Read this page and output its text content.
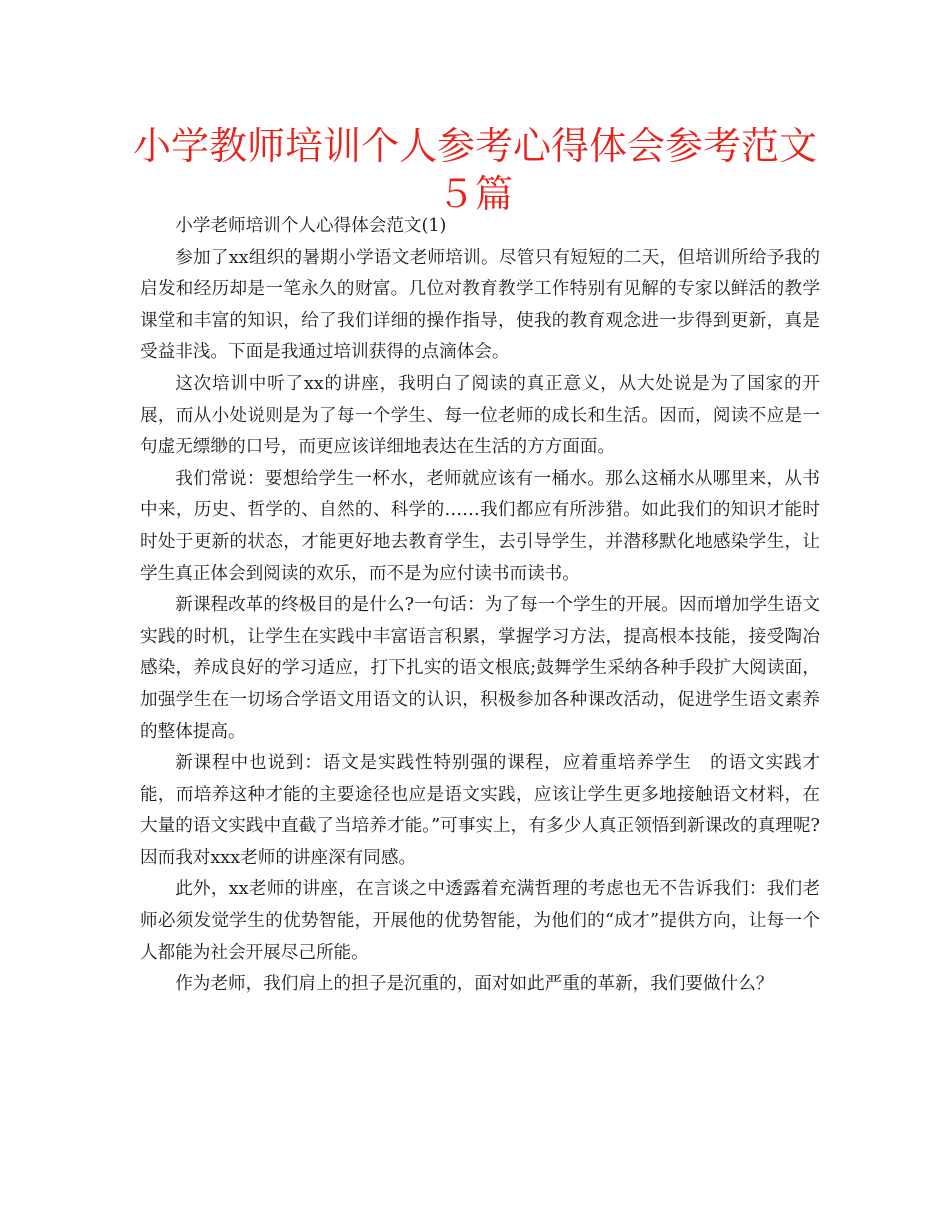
小学教师培训个人参考心得体会参考范文５篇

小学老师培训个人心得体会范文(1)

参加了xx组织的暑期小学语文老师培训。尽管只有短短的二天，但培训所给予我的启发和经历却是一笔永久的财富。几位对教育教学工作特别有见解的专家以鲜活的教学课堂和丰富的知识，给了我们详细的操作指导，使我的教育观念进一步得到更新，真是受益非浅。下面是我通过培训获得的点滴体会。

这次培训中听了xx的讲座，我明白了阅读的真正意义，从大处说是为了国家的开展，而从小处说则是为了每一个学生、每一位老师的成长和生活。因而，阅读不应是一句虚无缥缈的口号，而更应该详细地表达在生活的方方面面。

我们常说：要想给学生一杯水，老师就应该有一桶水。那么这桶水从哪里来，从书中来，历史、哲学的、自然的、科学的……我们都应有所涉猎。如此我们的知识才能时时处于更新的状态，才能更好地去教育学生，去引导学生，并潜移默化地感染学生，让学生真正体会到阅读的欢乐，而不是为应付读书而读书。

新课程改革的终极目的是什么?一句话：为了每一个学生的开展。因而增加学生语文实践的时机，让学生在实践中丰富语言积累，掌握学习方法，提高根本技能，接受陶冶感染，养成良好的学习适应，打下扎实的语文根底;鼓舞学生采纳各种手段扩大阅读面，加强学生在一切场合学语文用语文的认识，积极参加各种课改活动，促进学生语文素养的整体提高。

新课程中也说到：语文是实践性特别强的课程，应着重培养学生　的语文实践才能，而培养这种才能的主要途径也应是语文实践，应该让学生更多地接触语文材料，在大量的语文实践中直截了当培养才能。”可事实上，有多少人真正领悟到新课改的真理呢?因而我对xxx老师的讲座深有同感。

此外，xx老师的讲座，在言谈之中透露着充满哲理的考虑也无不告诉我们：我们老师必须发觉学生的优势智能，开展他的优势智能，为他们的“成才”提供方向，让每一个人都能为社会开展尽己所能。

作为老师，我们肩上的担子是沉重的，面对如此严重的革新，我们要做什么？
